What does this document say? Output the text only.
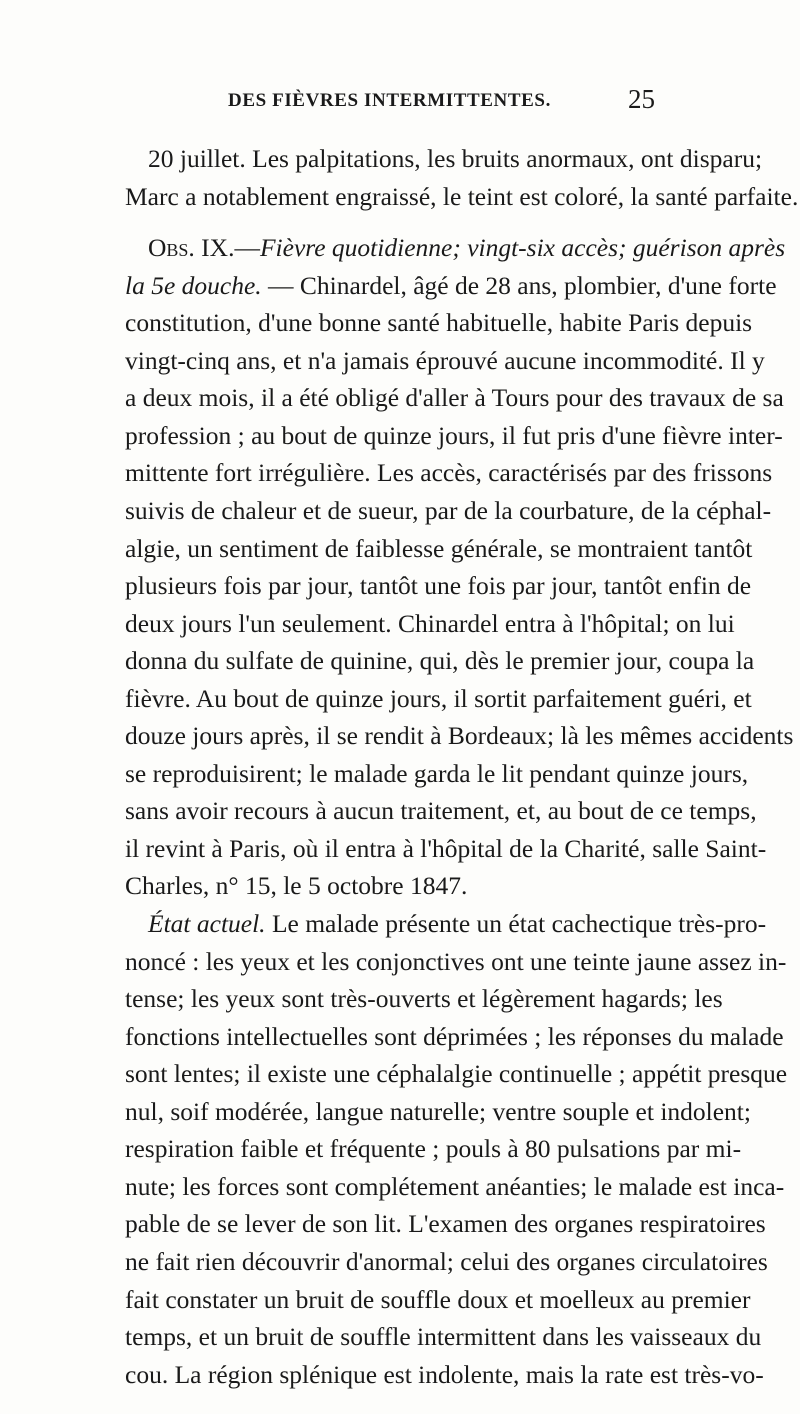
DES FIÈVRES INTERMITTENTES.	25
20 juillet. Les palpitations, les bruits anormaux, ont disparu;
Marc a notablement engraissé, le teint est coloré, la santé parfaite.
Obs. IX.—Fièvre quotidienne; vingt-six accès; guérison après
la 5e douche. — Chinardel, âgé de 28 ans, plombier, d'une forte
constitution, d'une bonne santé habituelle, habite Paris depuis
vingt-cinq ans, et n'a jamais éprouvé aucune incommodité. Il y
a deux mois, il a été obligé d'aller à Tours pour des travaux de sa
profession ; au bout de quinze jours, il fut pris d'une fièvre inter-
mittente fort irrégulière. Les accès, caractérisés par des frissons
suivis de chaleur et de sueur, par de la courbature, de la céphal-
algie, un sentiment de faiblesse générale, se montraient tantôt
plusieurs fois par jour, tantôt une fois par jour, tantôt enfin de
deux jours l'un seulement. Chinardel entra à l'hôpital; on lui
donna du sulfate de quinine, qui, dès le premier jour, coupa la
fièvre. Au bout de quinze jours, il sortit parfaitement guéri, et
douze jours après, il se rendit à Bordeaux; là les mêmes accidents
se reproduisirent; le malade garda le lit pendant quinze jours,
sans avoir recours à aucun traitement, et, au bout de ce temps,
il revint à Paris, où il entra à l'hôpital de la Charité, salle Saint-
Charles, n° 15, le 5 octobre 1847.
État actuel. Le malade présente un état cachectique très-pro-
noncé : les yeux et les conjonctives ont une teinte jaune assez in-
tense; les yeux sont très-ouverts et légèrement hagards; les
fonctions intellectuelles sont déprimées ; les réponses du malade
sont lentes; il existe une céphalalgie continuelle ; appétit presque
nul, soif modérée, langue naturelle; ventre souple et indolent;
respiration faible et fréquente ; pouls à 80 pulsations par mi-
nute; les forces sont complétement anéanties; le malade est inca-
pable de se lever de son lit. L'examen des organes respiratoires
ne fait rien découvrir d'anormal; celui des organes circulatoires
fait constater un bruit de souffle doux et moelleux au premier
temps, et un bruit de souffle intermittent dans les vaisseaux du
cou. La région splénique est indolente, mais la rate est très-vo-
